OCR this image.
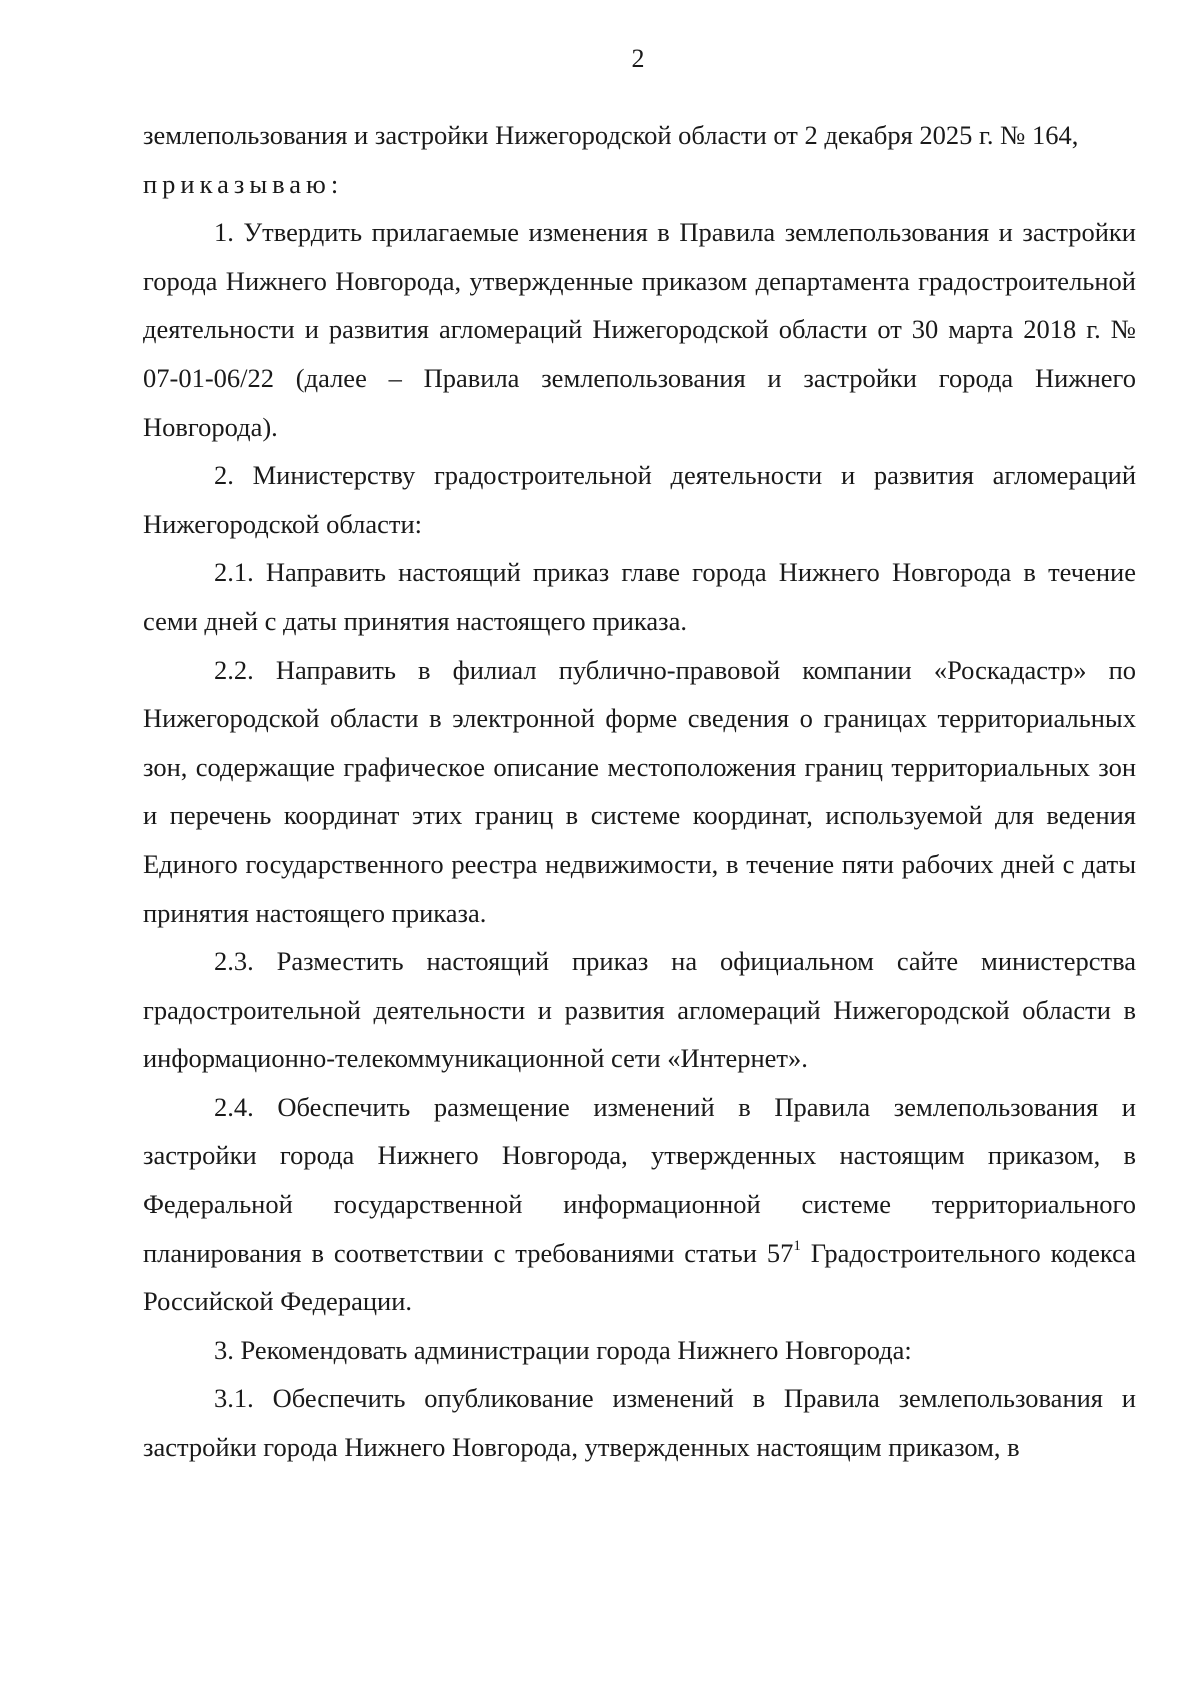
2

землепользования и застройки Нижегородской области от 2 декабря 2025 г. № 164,

приказываю:

1. Утвердить прилагаемые изменения в Правила землепользования и застройки города Нижнего Новгорода, утвержденные приказом департамента градостроительной деятельности и развития агломераций Нижегородской области от 30 марта 2018 г. № 07-01-06/22 (далее – Правила землепользования и застройки города Нижнего Новгорода).

2. Министерству градостроительной деятельности и развития агломераций Нижегородской области:

2.1. Направить настоящий приказ главе города Нижнего Новгорода в течение семи дней с даты принятия настоящего приказа.

2.2. Направить в филиал публично-правовой компании «Роскадастр» по Нижегородской области в электронной форме сведения о границах территориальных зон, содержащие графическое описание местоположения границ территориальных зон и перечень координат этих границ в системе координат, используемой для ведения Единого государственного реестра недвижимости, в течение пяти рабочих дней с даты принятия настоящего приказа.

2.3. Разместить настоящий приказ на официальном сайте министерства градостроительной деятельности и развития агломераций Нижегородской области в информационно-телекоммуникационной сети «Интернет».

2.4. Обеспечить размещение изменений в Правила землепользования и застройки города Нижнего Новгорода, утвержденных настоящим приказом, в Федеральной государственной информационной системе территориального планирования в соответствии с требованиями статьи $57^1$ Градостроительного кодекса Российской Федерации.

3. Рекомендовать администрации города Нижнего Новгорода:

3.1. Обеспечить опубликование изменений в Правила землепользования и застройки города Нижнего Новгорода, утвержденных настоящим приказом, в
